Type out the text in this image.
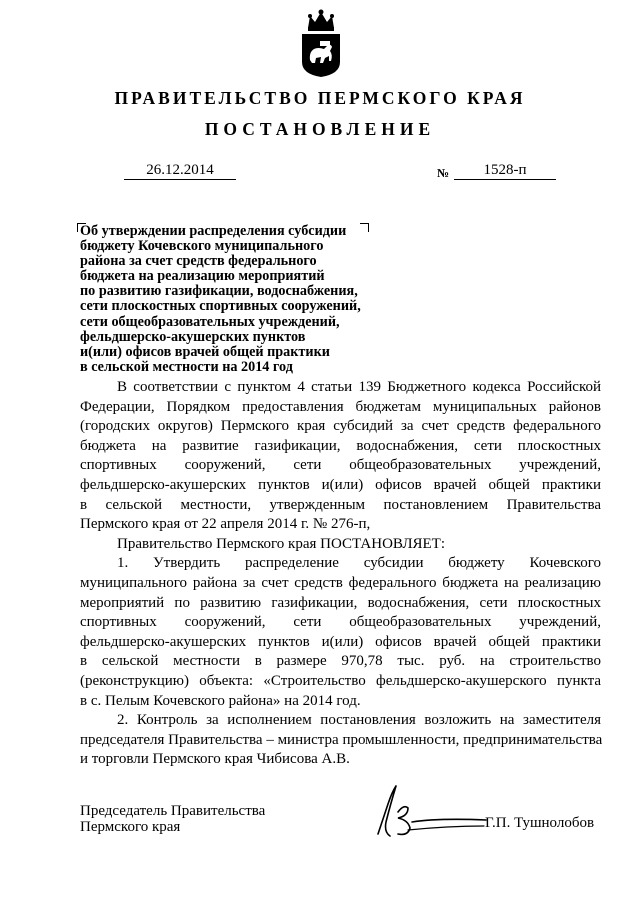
ПРАВИТЕЛЬСТВО ПЕРМСКОГО КРАЯ
ПОСТАНОВЛЕНИЕ
26.12.2014	№	1528-п
Об утверждении распределения субсидии
бюджету Кочевского муниципального
района за счет средств федерального
бюджета на реализацию мероприятий
по развитию газификации, водоснабжения,
сети плоскостных спортивных сооружений,
сети общеобразовательных учреждений,
фельдшерско-акушерских пунктов
и(или) офисов врачей общей практики
в сельской местности на 2014 год

В соответствии с пунктом 4 статьи 139 Бюджетного кодекса Российской
Федерации, Порядком предоставления бюджетам муниципальных районов
(городских округов) Пермского края субсидий за счет средств федерального
бюджета на развитие газификации, водоснабжения, сети плоскостных
спортивных сооружений, сети общеобразовательных учреждений,
фельдшерско-акушерских пунктов и(или) офисов врачей общей практики
в сельской местности, утвержденным постановлением Правительства
Пермского края от 22 апреля 2014 г. № 276-п,

Правительство Пермского края ПОСТАНОВЛЯЕТ:

1. Утвердить распределение субсидии бюджету Кочевского
муниципального района за счет средств федерального бюджета на реализацию
мероприятий по развитию газификации, водоснабжения, сети плоскостных
спортивных сооружений, сети общеобразовательных учреждений,
фельдшерско-акушерских пунктов и(или) офисов врачей общей практики
в сельской местности в размере 970,78 тыс. руб. на строительство
(реконструкцию) объекта: «Строительство фельдшерско-акушерского пункта
в с. Пелым Кочевского района» на 2014 год.

2. Контроль за исполнением постановления возложить на заместителя
председателя Правительства – министра промышленности, предпринимательства
и торговли Пермского края Чибисова А.В.

Председатель Правительства
Пермского края	Г.П. Тушнолобов
